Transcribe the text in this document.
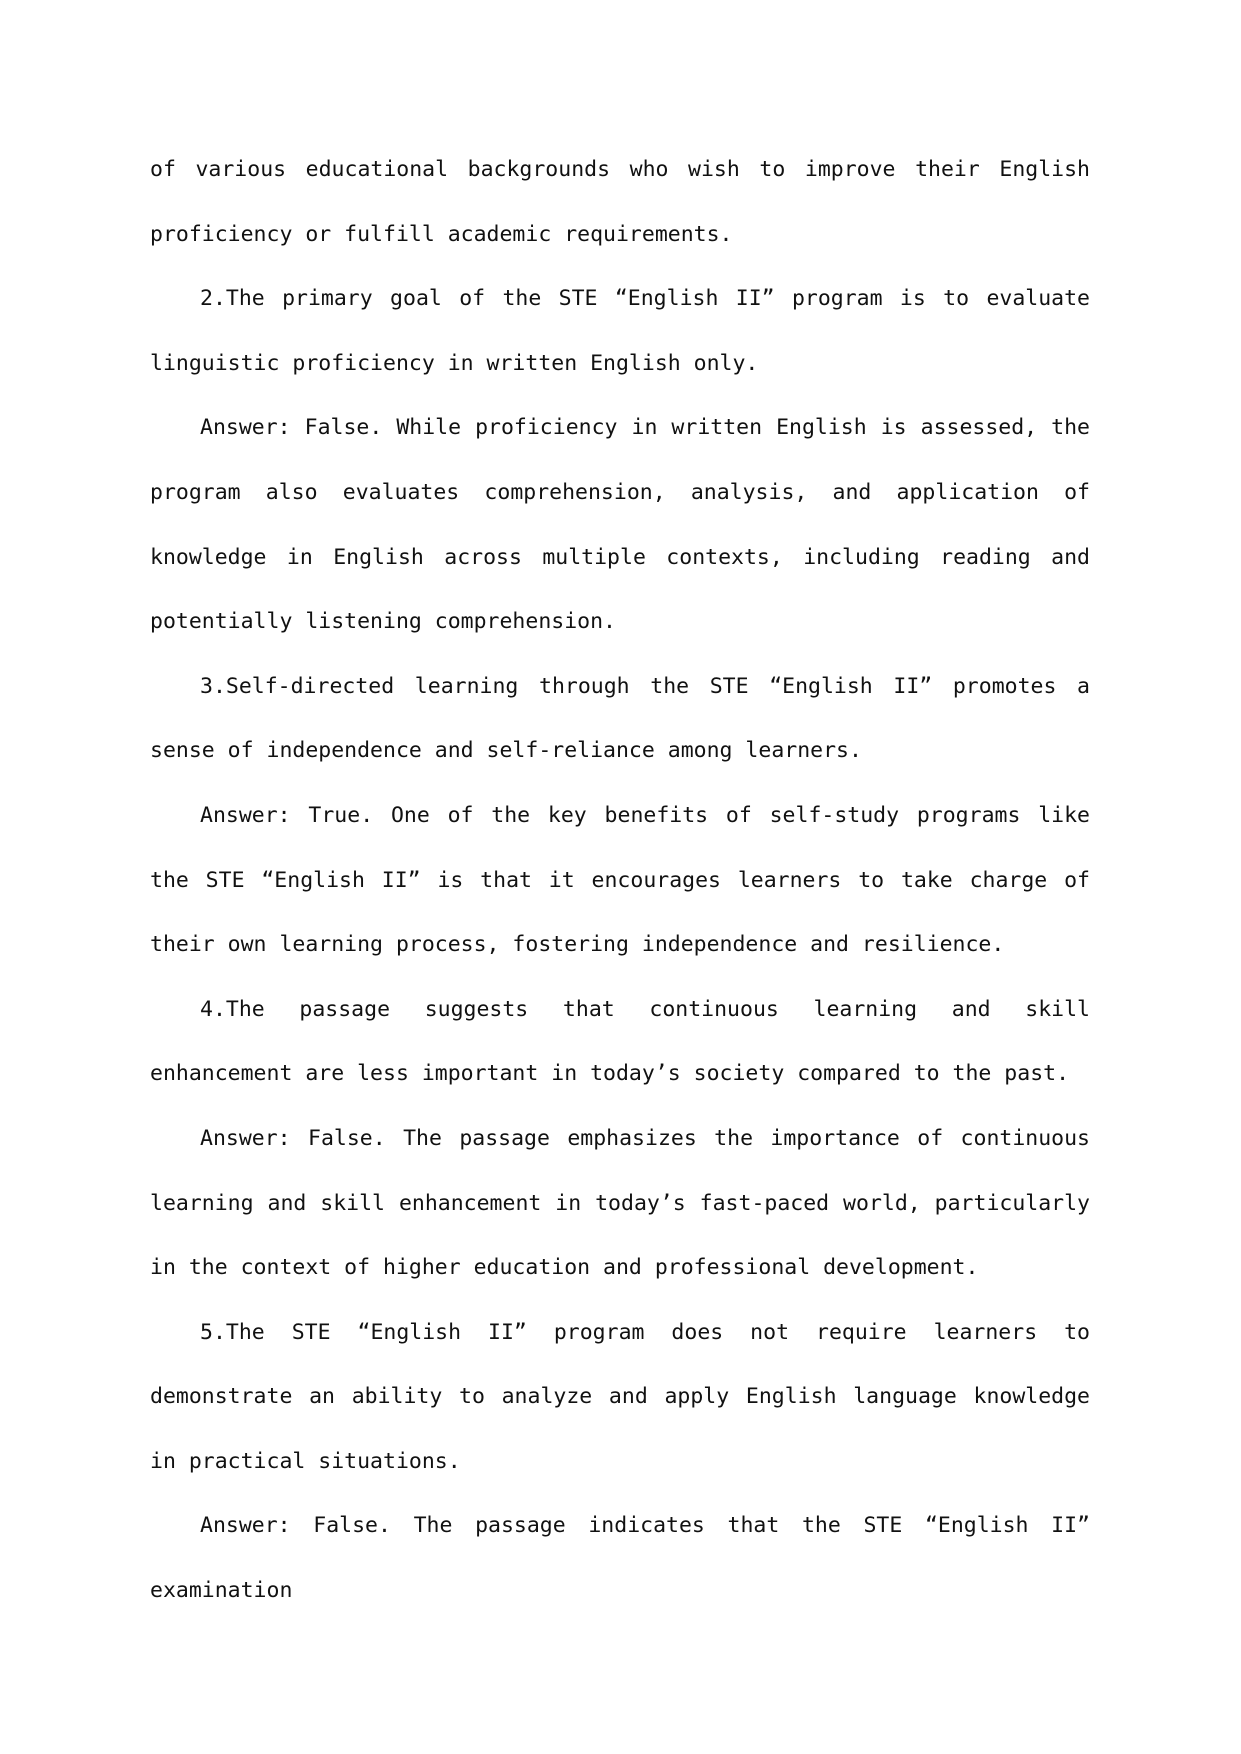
of various educational backgrounds who wish to improve their English proficiency or fulfill academic requirements.

2.The primary goal of the STE “English II” program is to evaluate linguistic proficiency in written English only.

Answer: False. While proficiency in written English is assessed, the program also evaluates comprehension, analysis, and application of knowledge in English across multiple contexts, including reading and potentially listening comprehension.

3.Self-directed learning through the STE “English II” promotes a sense of independence and self-reliance among learners.

Answer: True. One of the key benefits of self-study programs like the STE “English II” is that it encourages learners to take charge of their own learning process, fostering independence and resilience.

4.The passage suggests that continuous learning and skill enhancement are less important in today’s society compared to the past.

Answer: False. The passage emphasizes the importance of continuous learning and skill enhancement in today’s fast-paced world, particularly in the context of higher education and professional development.

5.The STE “English II” program does not require learners to demonstrate an ability to analyze and apply English language knowledge in practical situations.

Answer: False. The passage indicates that the STE “English II” examination
